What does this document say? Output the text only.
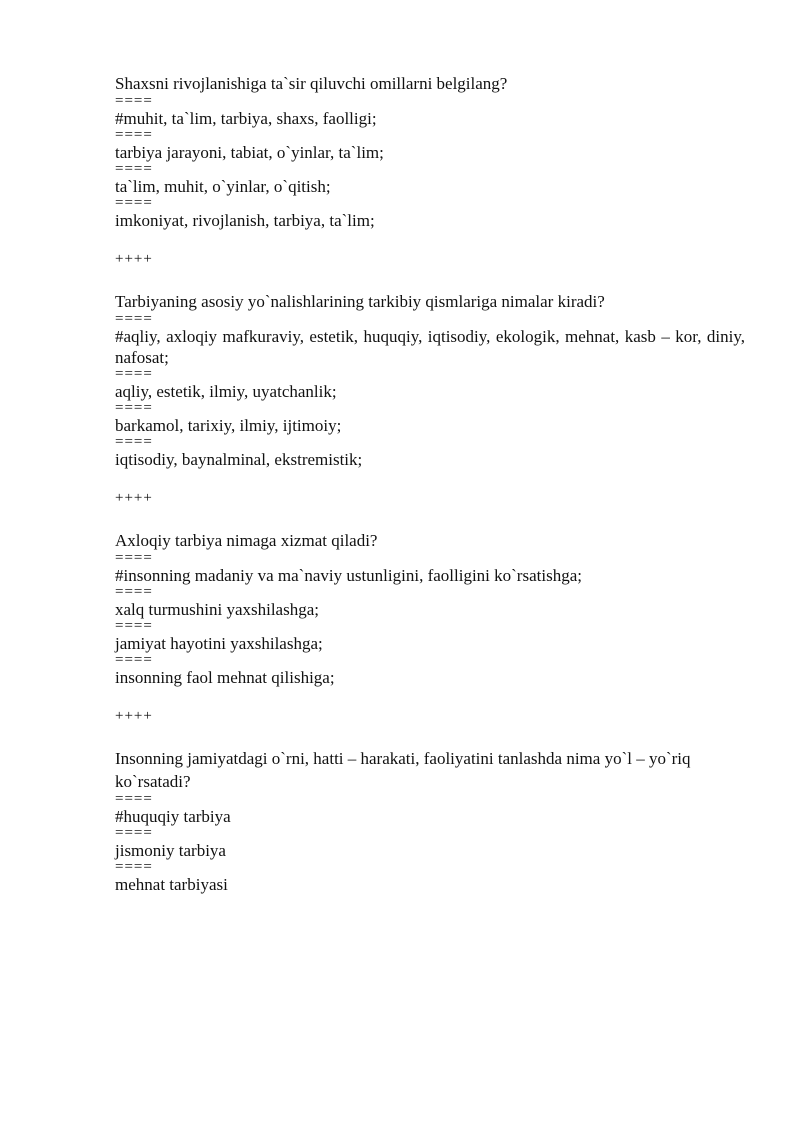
Shaxsni rivojlanishiga ta`sir qiluvchi omillarni belgilang?

====

#muhit, ta`lim, tarbiya, shaxs, faolligi;

====

tarbiya jarayoni, tabiat, o`yinlar, ta`lim;

====

ta`lim, muhit, o`yinlar, o`qitish;

====

imkoniyat, rivojlanish, tarbiya, ta`lim;

++++

Tarbiyaning asosiy yo`nalishlarining tarkibiy qismlariga nimalar kiradi?

====

#aqliy, axloqiy mafkuraviy, estetik, huquqiy, iqtisodiy, ekologik, mehnat, kasb – kor, diniy, nafosat;

====

aqliy, estetik, ilmiy, uyatchanlik;

====

barkamol, tarixiy, ilmiy, ijtimoiy;

====

iqtisodiy, baynalminal, ekstremistik;

++++

Axloqiy tarbiya nimaga xizmat qiladi?

====

#insonning madaniy va ma`naviy ustunligini, faolligini ko`rsatishga;

====

xalq turmushini yaxshilashga;

====

jamiyat hayotini yaxshilashga;

====

insonning faol mehnat qilishiga;

++++

Insonning jamiyatdagi o`rni, hatti – harakati, faoliyatini tanlashda nima yo`l – yo`riq ko`rsatadi?

====

#huquqiy tarbiya

====

jismoniy tarbiya

====

mehnat tarbiyasi
